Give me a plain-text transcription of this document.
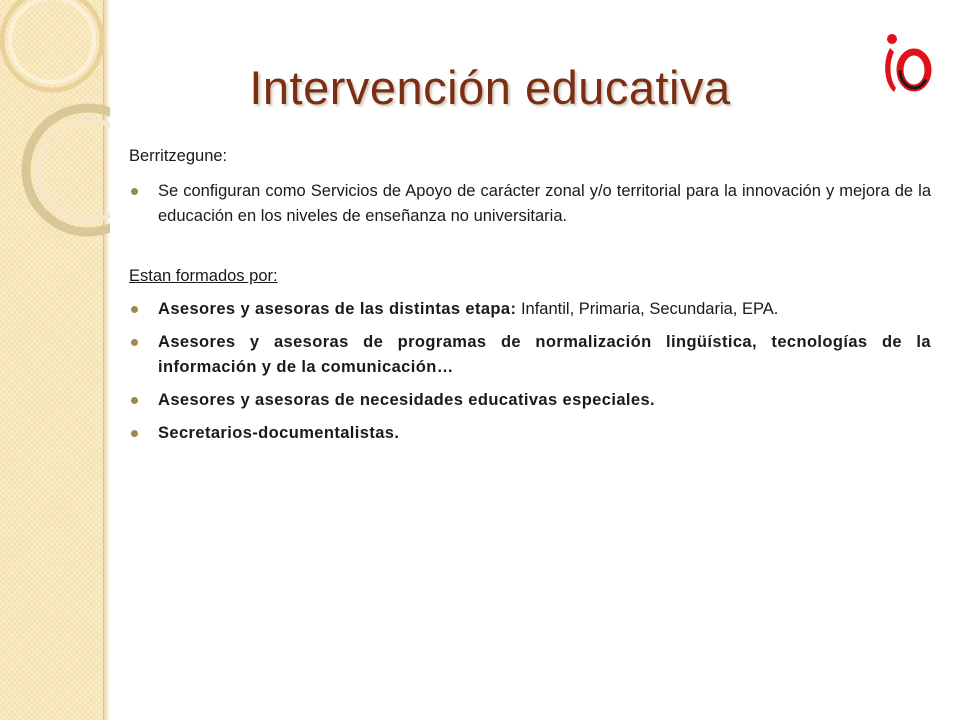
Intervención educativa

Berritzegune:

Se configuran como Servicios de Apoyo de carácter zonal y/o territorial para la innovación y mejora de la educación en los niveles de enseñanza no universitaria.

Estan formados por:

Asesores y asesoras de las distintas etapa: Infantil, Primaria, Secundaria, EPA.
Asesores y asesoras de programas de normalización lingüística, tecnologías de la información y de la comunicación…
Asesores y asesoras de necesidades educativas especiales.
Secretarios-documentalistas.
